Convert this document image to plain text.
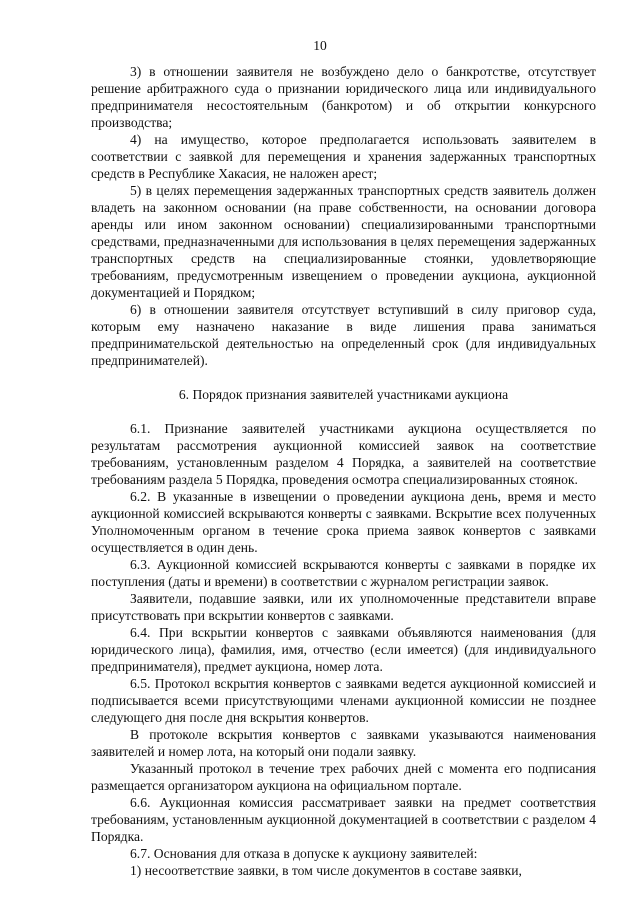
10

3) в отношении заявителя не возбуждено дело о банкротстве, отсутствует решение арбитражного суда о признании юридического лица или индивидуального предпринимателя несостоятельным (банкротом) и об открытии конкурсного производства;

4) на имущество, которое предполагается использовать заявителем в соответствии с заявкой для перемещения и хранения задержанных транспортных средств в Республике Хакасия, не наложен арест;

5) в целях перемещения задержанных транспортных средств заявитель должен владеть на законном основании (на праве собственности, на основании договора аренды или ином законном основании) специализированными транспортными средствами, предназначенными для использования в целях перемещения задержанных транспортных средств на специализированные стоянки, удовлетворяющие требованиям, предусмотренным извещением о проведении аукциона, аукционной документацией и Порядком;

6) в отношении заявителя отсутствует вступивший в силу приговор суда, которым ему назначено наказание в виде лишения права заниматься предпринимательской деятельностью на определенный срок (для индивидуальных предпринимателей).

6. Порядок признания заявителей участниками аукциона

6.1. Признание заявителей участниками аукциона осуществляется по результатам рассмотрения аукционной комиссией заявок на соответствие требованиям, установленным разделом 4 Порядка, а заявителей на соответствие требованиям раздела 5 Порядка, проведения осмотра специализированных стоянок.

6.2. В указанные в извещении о проведении аукциона день, время и место аукционной комиссией вскрываются конверты с заявками. Вскрытие всех полученных Уполномоченным органом в течение срока приема заявок конвертов с заявками осуществляется в один день.

6.3. Аукционной комиссией вскрываются конверты с заявками в порядке их поступления (даты и времени) в соответствии с журналом регистрации заявок.

Заявители, подавшие заявки, или их уполномоченные представители вправе присутствовать при вскрытии конвертов с заявками.

6.4. При вскрытии конвертов с заявками объявляются наименования (для юридического лица), фамилия, имя, отчество (если имеется) (для индивидуального предпринимателя), предмет аукциона, номер лота.

6.5. Протокол вскрытия конвертов с заявками ведется аукционной комиссией и подписывается всеми присутствующими членами аукционной комиссии не позднее следующего дня после дня вскрытия конвертов.

В протоколе вскрытия конвертов с заявками указываются наименования заявителей и номер лота, на который они подали заявку.

Указанный протокол в течение трех рабочих дней с момента его подписания размещается организатором аукциона на официальном портале.

6.6. Аукционная комиссия рассматривает заявки на предмет соответствия требованиям, установленным аукционной документацией в соответствии с разделом 4 Порядка.

6.7. Основания для отказа в допуске к аукциону заявителей:

1) несоответствие заявки, в том числе документов в составе заявки,
